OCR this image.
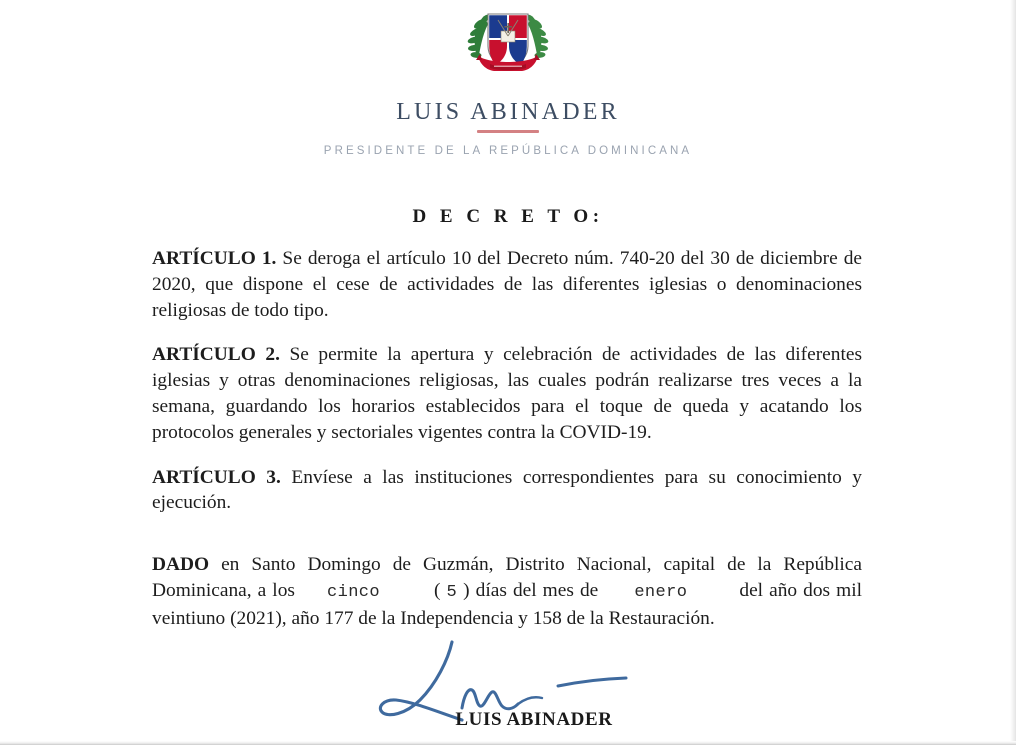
LUIS ABINADER
PRESIDENTE DE LA REPÚBLICA DOMINICANA
D E C R E T O:

ARTÍCULO 1. Se deroga el artículo 10 del Decreto núm. 740-20 del 30 de diciembre de 2020, que dispone el cese de actividades de las diferentes iglesias o denominaciones religiosas de todo tipo.

ARTÍCULO 2. Se permite la apertura y celebración de actividades de las diferentes iglesias y otras denominaciones religiosas, las cuales podrán realizarse tres veces a la semana, guardando los horarios establecidos para el toque de queda y acatando los protocolos generales y sectoriales vigentes contra la COVID-19.

ARTÍCULO 3. Envíese a las instituciones correspondientes para su conocimiento y ejecución.

DADO en Santo Domingo de Guzmán, Distrito Nacional, capital de la República Dominicana, a los cinco	( 5 ) días del mes de enero del año dos mil veintiuno (2021), año 177 de la Independencia y 158 de la Restauración.

LUIS ABINADER
